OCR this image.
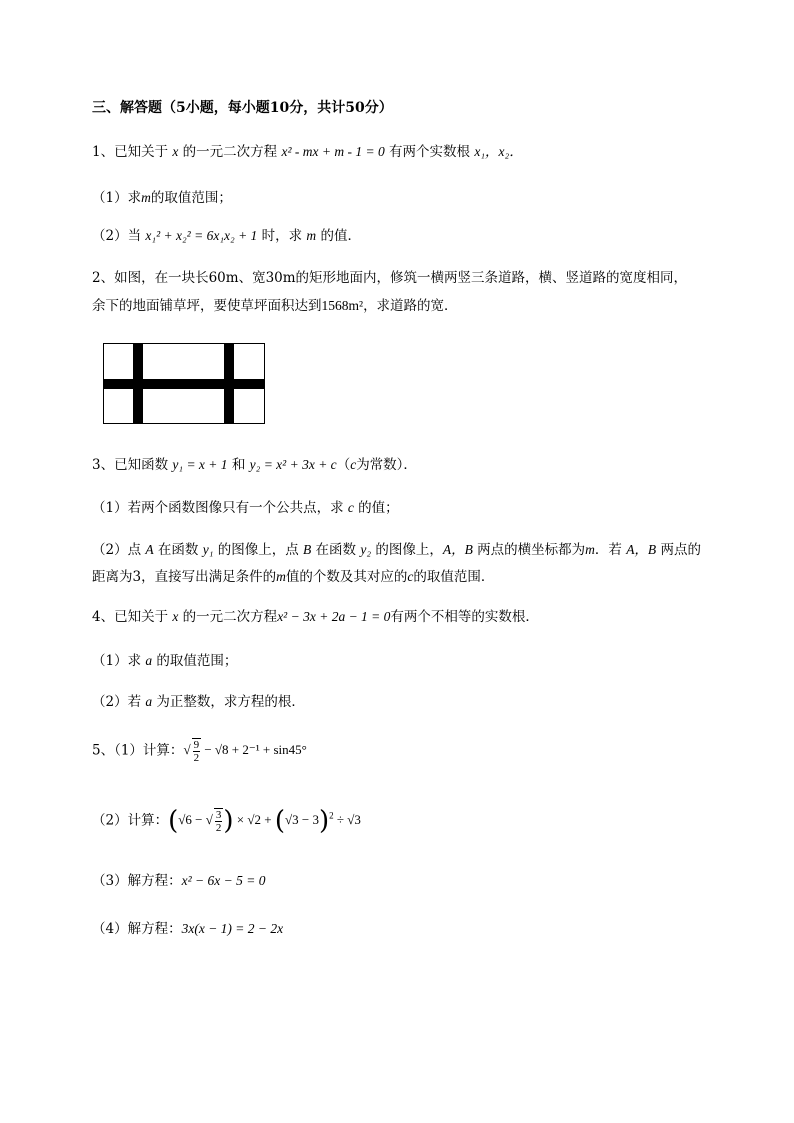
三、解答题（5小题，每小题10分，共计50分）
1、已知关于 x 的一元二次方程 x² - mx + m - 1 = 0 有两个实数根 x₁，x₂．
（1）求m的取值范围；
（2）当 x₁² + x₂² = 6x₁x₂ + 1 时，求 m 的值．
2、如图，在一块长60m、宽30m的矩形地面内，修筑一横两竖三条道路，横、竖道路的宽度相同，
余下的地面铺草坪，要使草坪面积达到1568m²，求道路的宽．
3、已知函数 y₁ = x + 1 和 y₂ = x² + 3x + c（c为常数）．
（1）若两个函数图像只有一个公共点，求 c 的值；
（2）点 A 在函数 y₁ 的图像上，点 B 在函数 y₂ 的图像上，A，B 两点的横坐标都为m．若 A，B 两点的
距离为3，直接写出满足条件的m值的个数及其对应的c的取值范围．
4、已知关于 x 的一元二次方程x² − 3x + 2a − 1 = 0有两个不相等的实数根．
（1）求 a 的取值范围；
（2）若 a 为正整数，求方程的根．
5、（1）计算：√ $\frac{9}{2} - √8 + 2^{-1} + \sin 45^\circ$
（2）计算：(√6 − √ $\frac{3}{2}$ ) × $√2 + (√3 - 3)^2 \div √3$
（3）解方程：x² − 6x − 5 = 0
（4）解方程：3x(x − 1) = 2 − 2x
